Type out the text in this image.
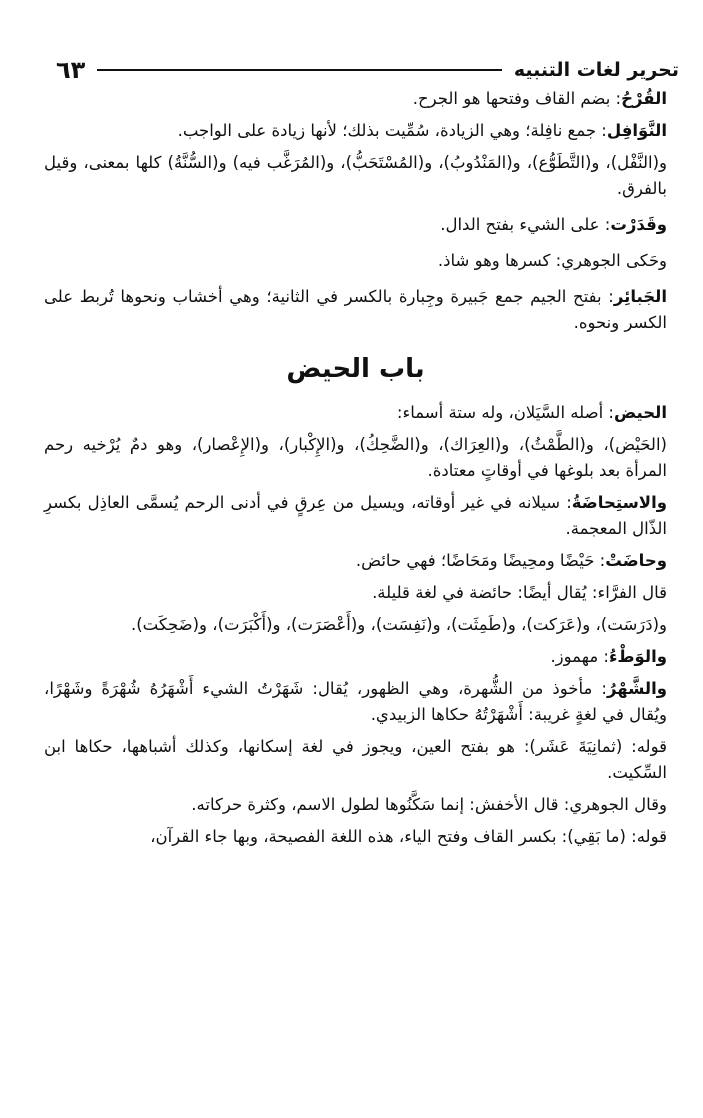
تحرير لغات التنبيه
٦٣

القُرْحُ: بضم القاف وفتحها هو الجرح.

النَّوَافِل: جمع نافِلة؛ وهي الزيادة، سُمِّيت بذلك؛ لأنها زيادة على الواجب.

و(النَّفْل)، و(التَّطَوُّع)، و(المَنْدُوبُ)، و(المُسْتَحَبُّ)، و(المُرَغَّب فيه) و(السُّنَّةُ) كلها بمعنى، وقيل بالفرق.

وقَدَرْت: على الشيء بفتح الدال.

وحَكى الجوهري: كسرها وهو شاذ.

الجَبائِر: بفتح الجيم جمع جَبيرة وجِبارة بالكسر في الثانية؛ وهي أخشاب ونحوها تُربط على الكسر ونحوه.

باب الحيض

الحيض: أصله السَّيَلان، وله ستة أسماء:

(الحَيْض)، و(الطَّمْثُ)، و(العِرَاك)، و(الضَّحِكُ)، و(الإِكْبار)، و(الإِعْصار)، وهو دمٌ يُرْخيه رحم المرأة بعد بلوغها في أوقاتٍ معتادة.

والاستِحاضَةُ: سيلانه في غير أوقاته، ويسيل من عِرقٍ في أدنى الرحم يُسمَّى العاذِل بكسرِ الذّال المعجمة.

وحاضَتْ: حَيْضًا ومحِيضًا ومَحَاضًا؛ فهي حائض.

قال الفرَّاء: يُقال أيضًا: حائضة في لغة قليلة.

و(دَرَسَت)، و(عَرَكت)، و(طَمِثَت)، و(نَفِسَت)، و(أَعْصَرَت)، و(أَكْبَرَت)، و(ضَحِكَت).

والوَطْءُ: مهموز.

والشَّهْرُ: مأخوذ من الشُّهرة، وهي الظهور، يُقال: شَهَرْتُ الشيء أَشْهَرُهُ شُهْرَةً وشَهْرًا، ويُقال في لغةٍ غريبة: أَشْهَرْتُهُ حكاها الزبيدي.

قوله: (ثمانِيَةَ عَشَر): هو بفتح العين، ويجوز في لغة إسكانها، وكذلك أشباهها، حكاها ابن السِّكيت.

وقال الجوهري: قال الأخفش: إنما سَكَّنُوها لطول الاسم، وكثرة حركاته.

قوله: (ما بَقِي): بكسر القاف وفتح الياء، هذه اللغة الفصيحة، وبها جاء القرآن،
